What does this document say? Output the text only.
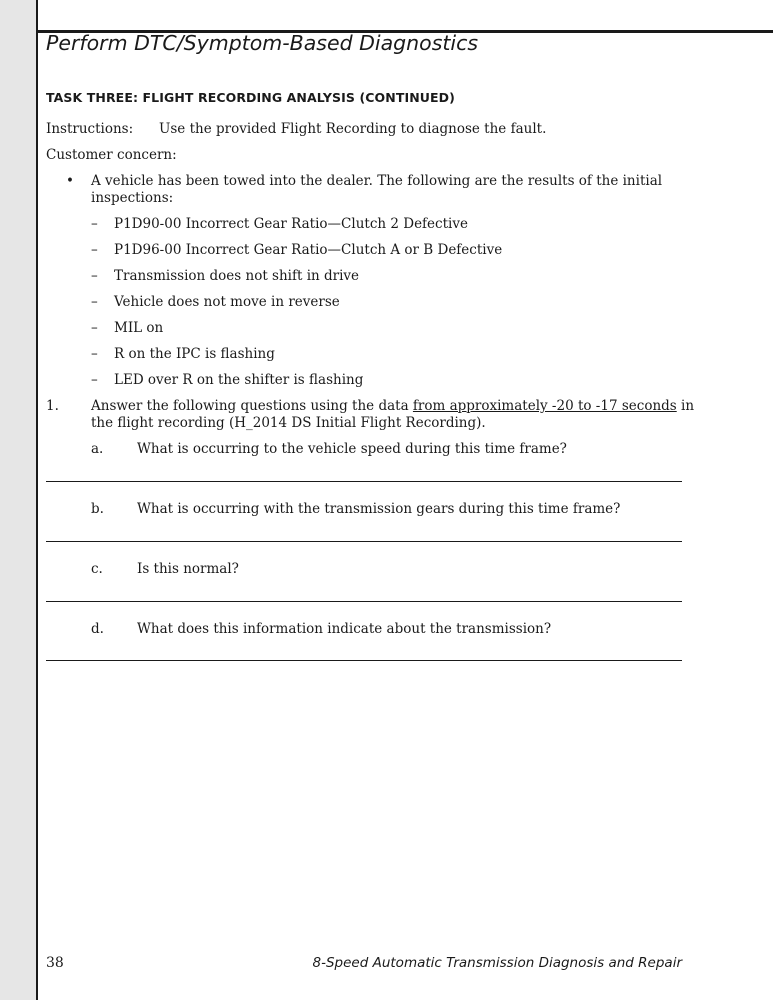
Perform DTC/Symptom-Based Diagnostics
TASK THREE: FLIGHT RECORDING ANALYSIS (CONTINUED)
Instructions: Use the provided Flight Recording to diagnose the fault.
Customer concern:
• A vehicle has been towed into the dealer. The following are the results of the initial
inspections:
– P1D90-00 Incorrect Gear Ratio—Clutch 2 Defective
– P1D96-00 Incorrect Gear Ratio—Clutch A or B Defective
– Transmission does not shift in drive
– Vehicle does not move in reverse
– MIL on
– R on the IPC is flashing
– LED over R on the shifter is flashing
1. Answer the following questions using the data from approximately -20 to -17 seconds in
the flight recording (H_2014 DS Initial Flight Recording).
a. What is occurring to the vehicle speed during this time frame?
b. What is occurring with the transmission gears during this time frame?
c.	Is this normal?
d. What does this information indicate about the transmission?
38	8-Speed Automatic Transmission Diagnosis and Repair
